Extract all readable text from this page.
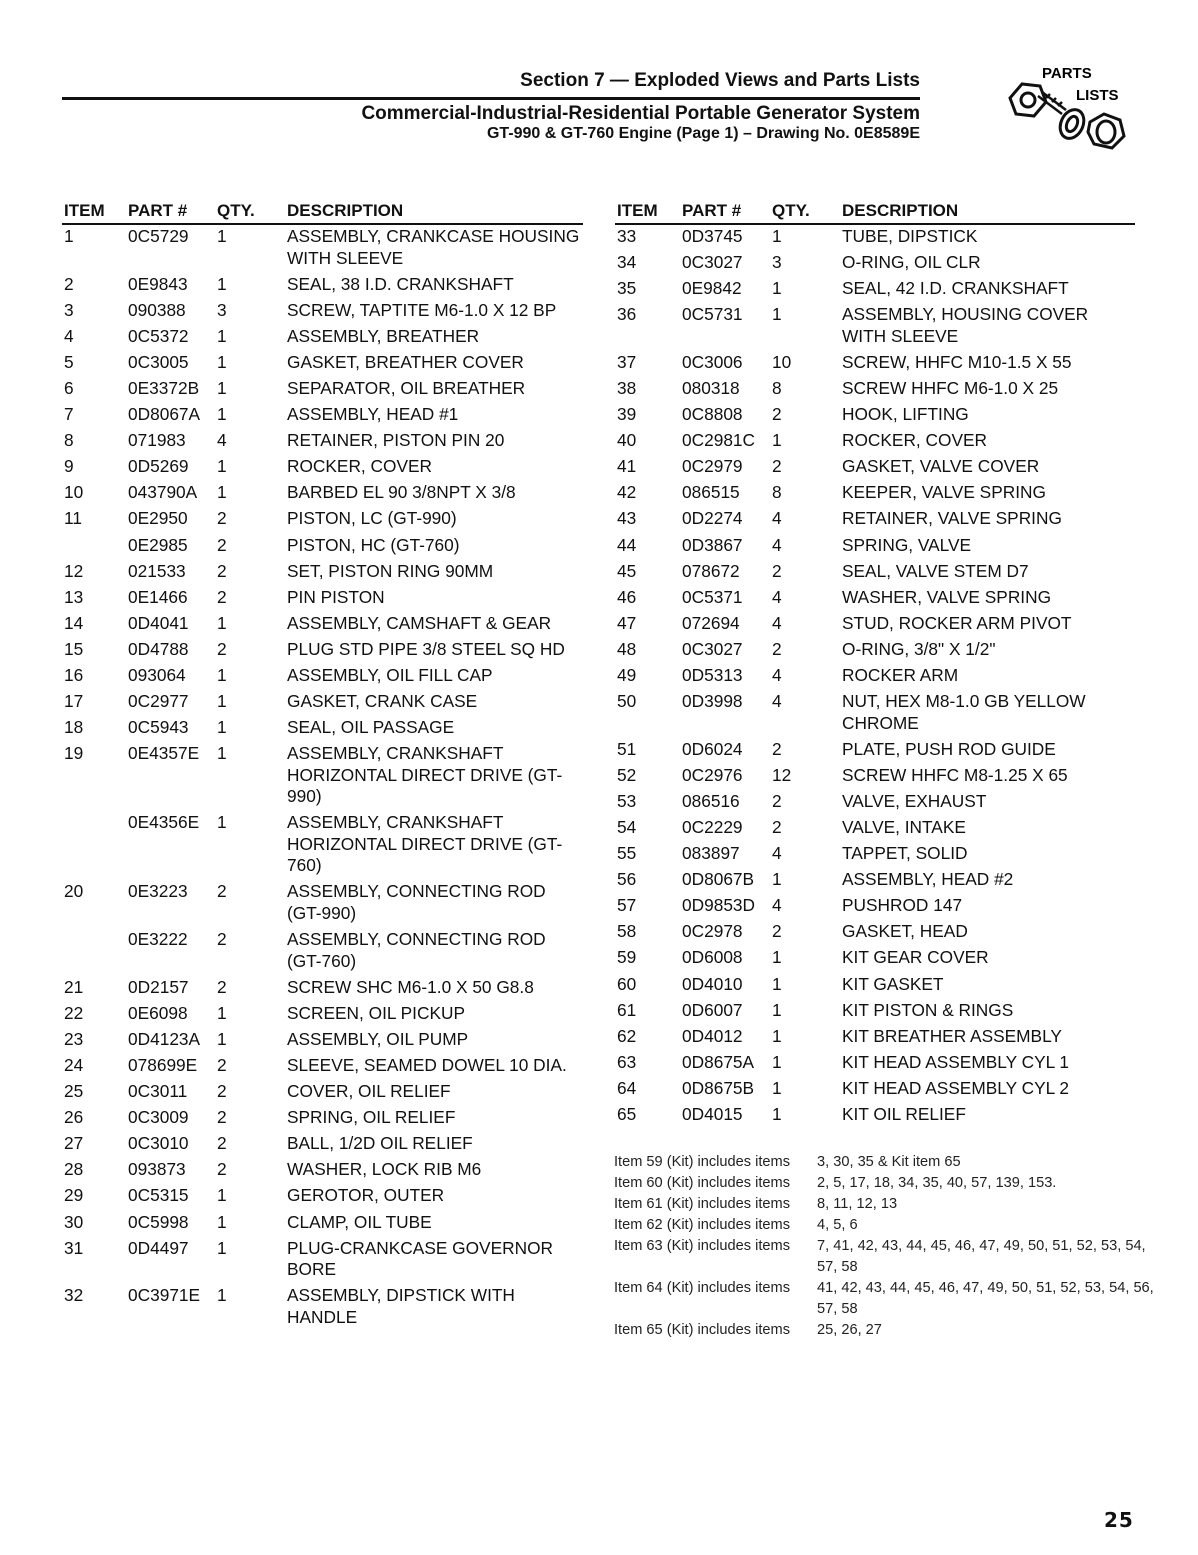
Section 7 — Exploded Views and Parts Lists
Commercial-Industrial-Residential Portable Generator System
GT-990 & GT-760 Engine (Page 1) – Drawing No. 0E8589E
PARTS
LISTS
ITEM	PART #	QTY.	DESCRIPTION
1	0C5729	1	ASSEMBLY, CRANKCASE HOUSING WITH SLEEVE
2	0E9843	1	SEAL, 38 I.D. CRANKSHAFT
3	090388	3	SCREW, TAPTITE M6-1.0 X 12 BP
4	0C5372	1	ASSEMBLY, BREATHER
5	0C3005	1	GASKET, BREATHER COVER
6	0E3372B	1	SEPARATOR, OIL BREATHER
7	0D8067A	1	ASSEMBLY, HEAD #1
8	071983	4	RETAINER, PISTON PIN 20
9	0D5269	1	ROCKER, COVER
10	043790A	1	BARBED EL 90 3/8NPT X 3/8
11	0E2950	2	PISTON, LC (GT-990)
	0E2985	2	PISTON, HC (GT-760)
12	021533	2	SET, PISTON RING 90MM
13	0E1466	2	PIN PISTON
14	0D4041	1	ASSEMBLY, CAMSHAFT & GEAR
15	0D4788	2	PLUG STD PIPE 3/8 STEEL SQ HD
16	093064	1	ASSEMBLY, OIL FILL CAP
17	0C2977	1	GASKET, CRANK CASE
18	0C5943	1	SEAL, OIL PASSAGE
19	0E4357E	1	ASSEMBLY, CRANKSHAFT HORIZONTAL DIRECT DRIVE (GT-990)
	0E4356E	1	ASSEMBLY, CRANKSHAFT HORIZONTAL DIRECT DRIVE (GT-760)
20	0E3223	2	ASSEMBLY, CONNECTING ROD (GT-990)
	0E3222	2	ASSEMBLY, CONNECTING ROD (GT-760)
21	0D2157	2	SCREW SHC M6-1.0 X 50 G8.8
22	0E6098	1	SCREEN, OIL PICKUP
23	0D4123A	1	ASSEMBLY, OIL PUMP
24	078699E	2	SLEEVE, SEAMED DOWEL 10 DIA.
25	0C3011	2	COVER, OIL RELIEF
26	0C3009	2	SPRING, OIL RELIEF
27	0C3010	2	BALL, 1/2D OIL RELIEF
28	093873	2	WASHER, LOCK RIB M6
29	0C5315	1	GEROTOR, OUTER
30	0C5998	1	CLAMP, OIL TUBE
31	0D4497	1	PLUG-CRANKCASE GOVERNOR BORE
32	0C3971E	1	ASSEMBLY, DIPSTICK WITH HANDLE
ITEM	PART #	QTY.	DESCRIPTION
33	0D3745	1	TUBE, DIPSTICK
34	0C3027	3	O-RING, OIL CLR
35	0E9842	1	SEAL, 42 I.D. CRANKSHAFT
36	0C5731	1	ASSEMBLY, HOUSING COVER WITH SLEEVE
37	0C3006	10	SCREW, HHFC M10-1.5 X 55
38	080318	8	SCREW HHFC M6-1.0 X 25
39	0C8808	2	HOOK, LIFTING
40	0C2981C	1	ROCKER, COVER
41	0C2979	2	GASKET, VALVE COVER
42	086515	8	KEEPER, VALVE SPRING
43	0D2274	4	RETAINER, VALVE SPRING
44	0D3867	4	SPRING, VALVE
45	078672	2	SEAL, VALVE STEM D7
46	0C5371	4	WASHER, VALVE SPRING
47	072694	4	STUD, ROCKER ARM PIVOT
48	0C3027	2	O-RING, 3/8" X 1/2"
49	0D5313	4	ROCKER ARM
50	0D3998	4	NUT, HEX M8-1.0 GB YELLOW CHROME
51	0D6024	2	PLATE, PUSH ROD GUIDE
52	0C2976	12	SCREW HHFC M8-1.25 X 65
53	086516	2	VALVE, EXHAUST
54	0C2229	2	VALVE, INTAKE
55	083897	4	TAPPET, SOLID
56	0D8067B	1	ASSEMBLY, HEAD #2
57	0D9853D	4	PUSHROD 147
58	0C2978	2	GASKET, HEAD
59	0D6008	1	KIT GEAR COVER
60	0D4010	1	KIT GASKET
61	0D6007	1	KIT PISTON & RINGS
62	0D4012	1	KIT BREATHER ASSEMBLY
63	0D8675A	1	KIT HEAD ASSEMBLY CYL 1
64	0D8675B	1	KIT HEAD ASSEMBLY CYL 2
65	0D4015	1	KIT OIL RELIEF
Item 59 (Kit) includes items	3, 30, 35 & Kit item 65
Item 60 (Kit) includes items	2, 5, 17, 18, 34, 35, 40, 57, 139, 153.
Item 61 (Kit) includes items	8, 11, 12, 13
Item 62 (Kit) includes items	4, 5, 6
Item 63 (Kit) includes items	7, 41, 42, 43, 44, 45, 46, 47, 49, 50, 51, 52, 53, 54, 57, 58
Item 64 (Kit) includes items	41, 42, 43, 44, 45, 46, 47, 49, 50, 51, 52, 53, 54, 56, 57, 58
Item 65 (Kit) includes items	25, 26, 27
25
